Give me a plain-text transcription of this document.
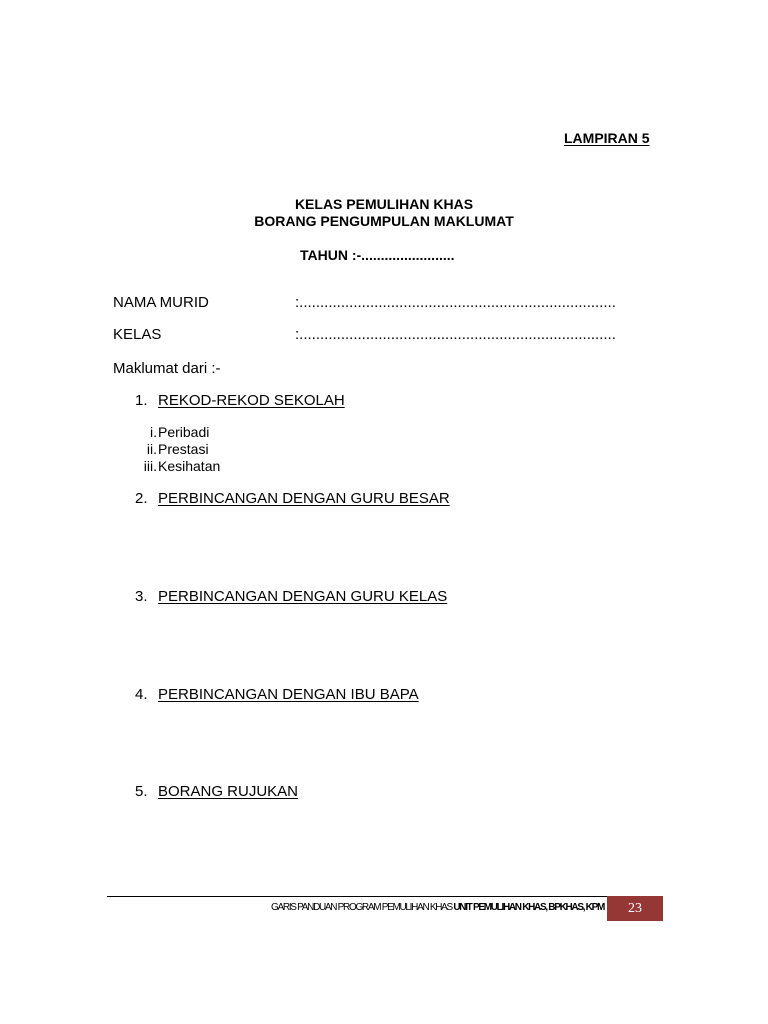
LAMPIRAN 5
KELAS PEMULIHAN KHAS
BORANG PENGUMPULAN MAKLUMAT
TAHUN :-........................
NAMA MURID	:............................................................................
KELAS	:............................................................................
Maklumat dari :-
1. REKOD-REKOD SEKOLAH
i. Peribadi
ii. Prestasi
iii. Kesihatan
2. PERBINCANGAN DENGAN GURU BESAR
3. PERBINCANGAN DENGAN GURU KELAS
4. PERBINCANGAN DENGAN IBU BAPA
5. BORANG RUJUKAN
GARIS PANDUAN PROGRAM PEMULIHAN KHAS UNIT PEMULIHAN KHAS, BPKHAS, KPM 23
